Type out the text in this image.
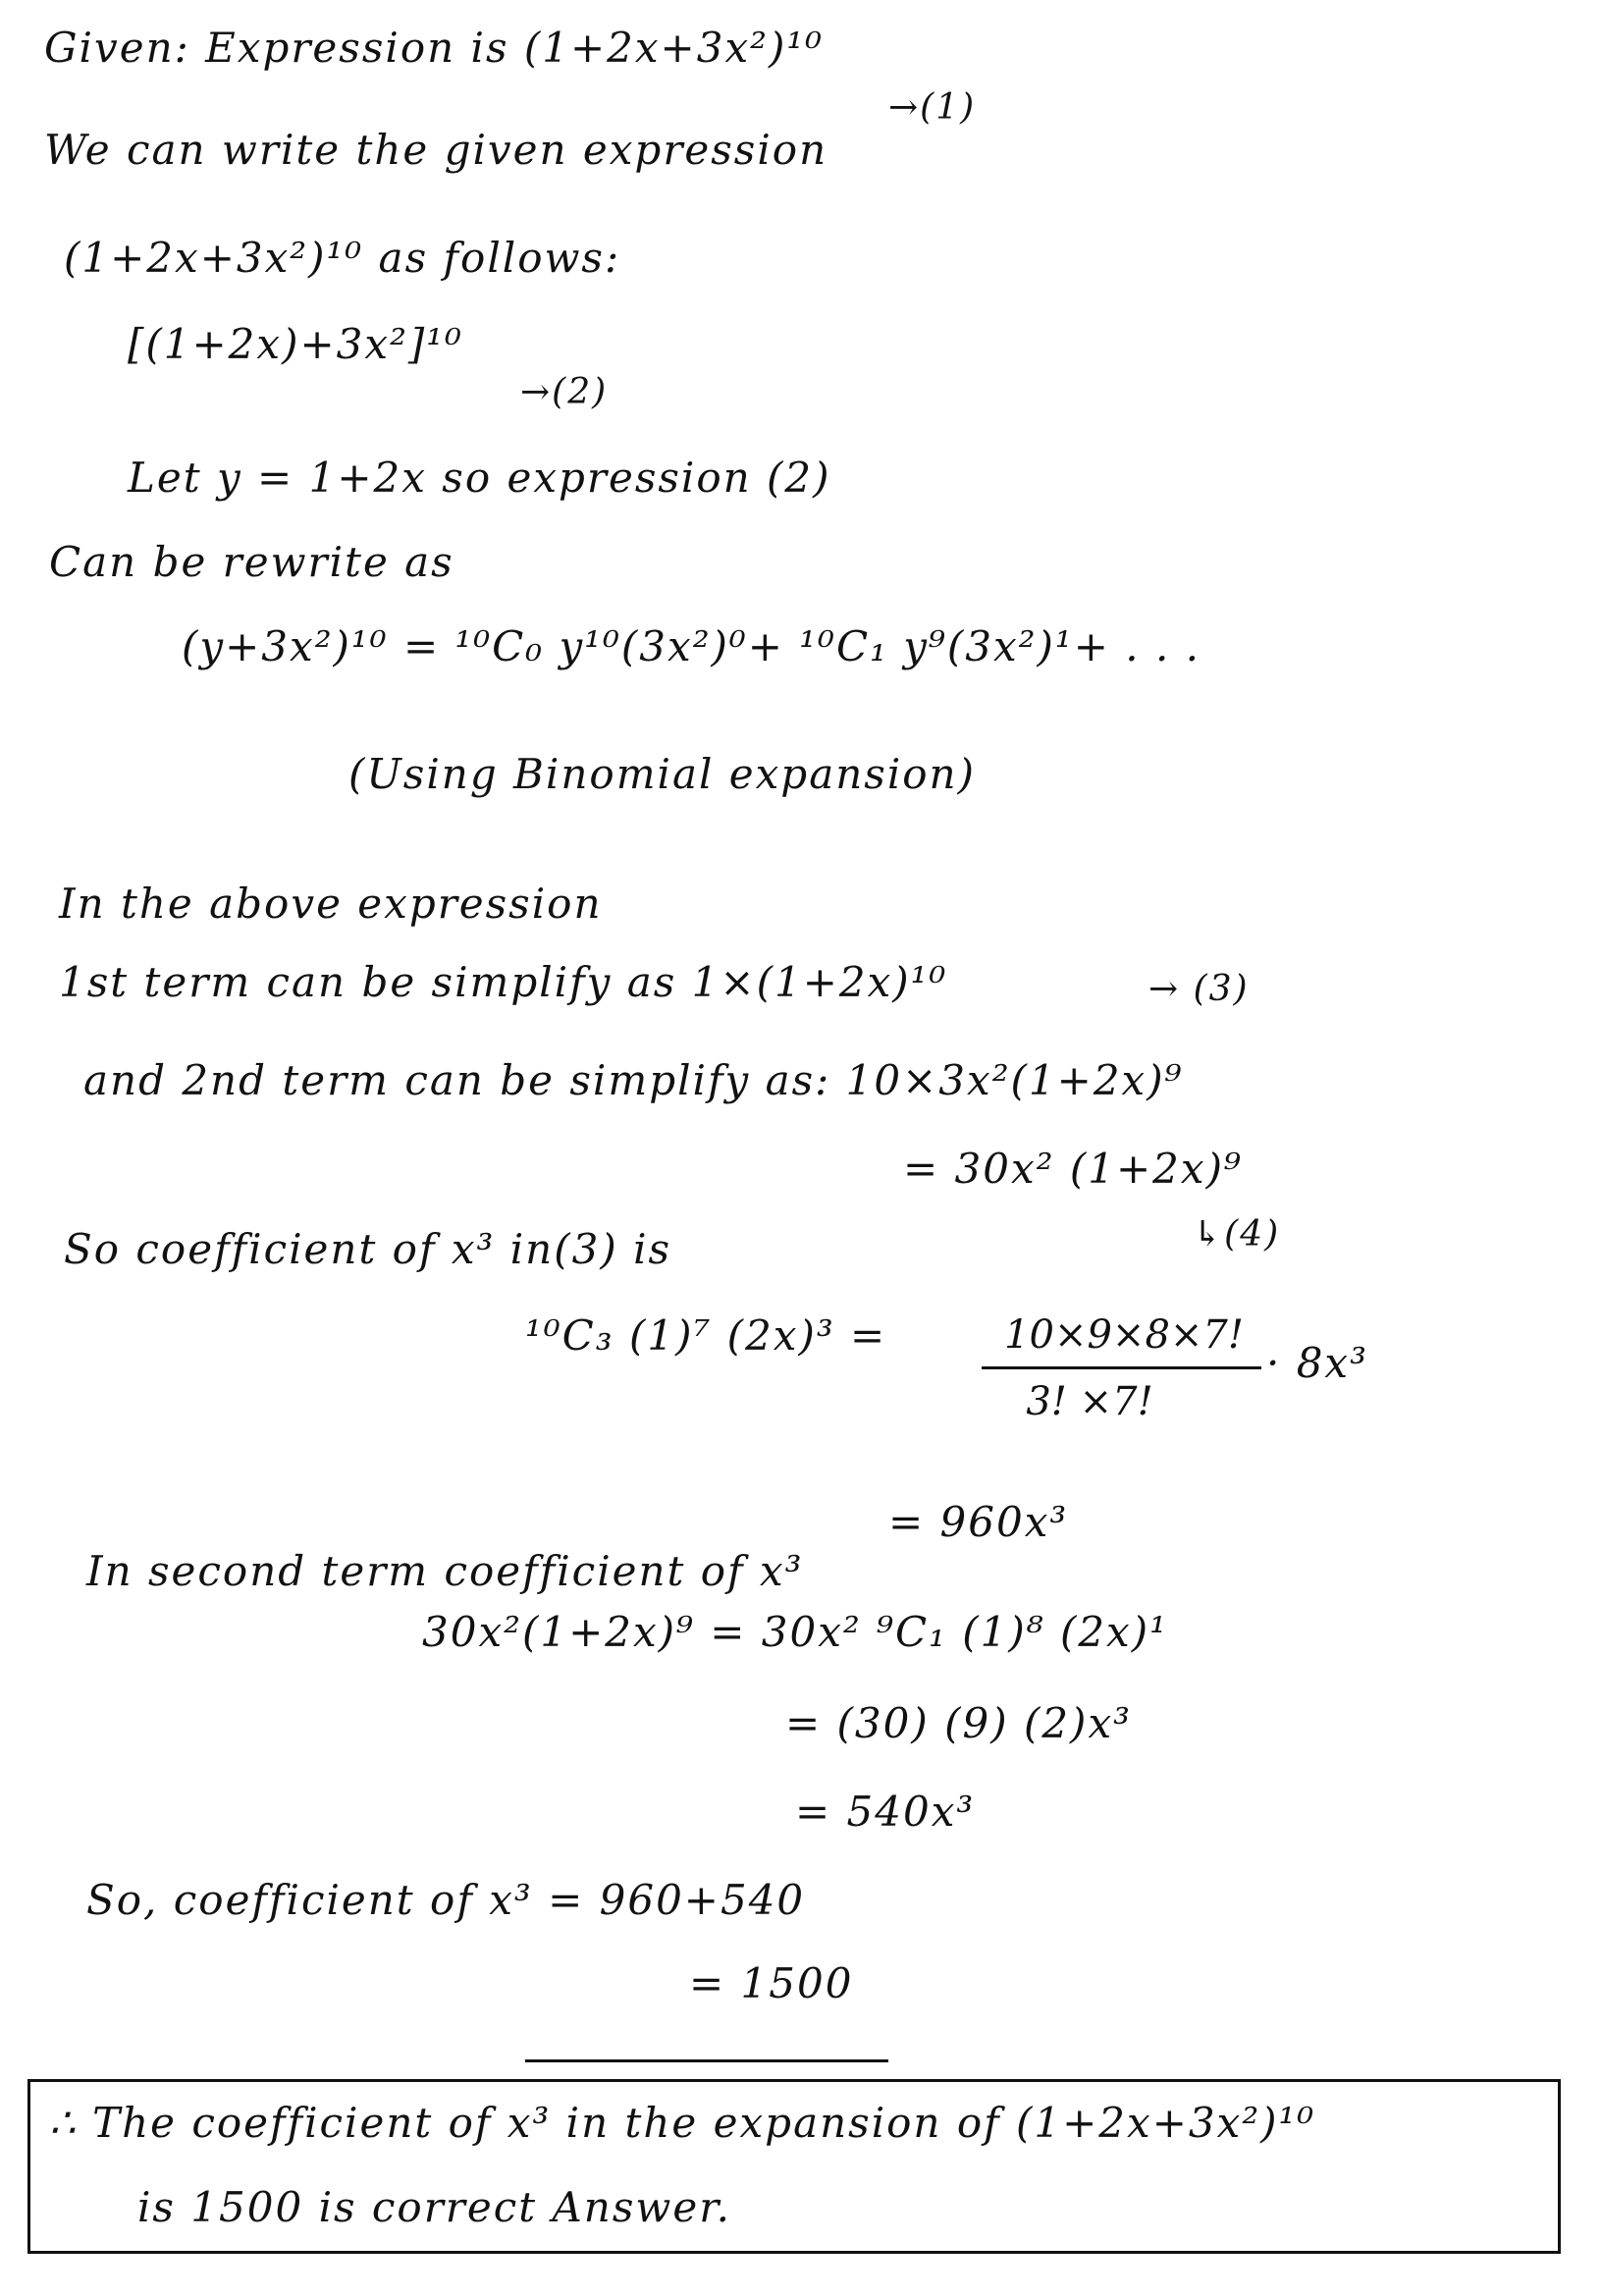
Given: Expression is (1+2x+3x²)¹⁰
→(1)
We can write the given expression
(1+2x+3x²)¹⁰ as follows:
[(1+2x)+3x²]¹⁰
→(2)
Let y = 1+2x so expression (2)
Can be rewrite as
(y+3x²)¹⁰ = ¹⁰C₀ y¹⁰(3x²)⁰+ ¹⁰C₁ y⁹(3x²)¹+ . . .
(Using Binomial expansion)
In the above expression
1st term can be simplify as 1×(1+2x)¹⁰	→ (3)
and 2nd term can be simplify as: 10×3x²(1+2x)⁹
= 30x² (1+2x)⁹
↳(4)
So coefficient of x³ in(3) is
¹⁰C₃ (1)⁷ (2x)³ =	10×9×8×7!
3! ×7!
· 8x³
= 960x³
In second term coefficient of x³
30x²(1+2x)⁹ = 30x² ⁹C₁ (1)⁸ (2x)¹
= (30) (9) (2)x³
= 540x³
So, coefficient of x³ = 960+540
= 1500
∴ The coefficient of x³ in the expansion of (1+2x+3x²)¹⁰
is 1500 is correct Answer.
